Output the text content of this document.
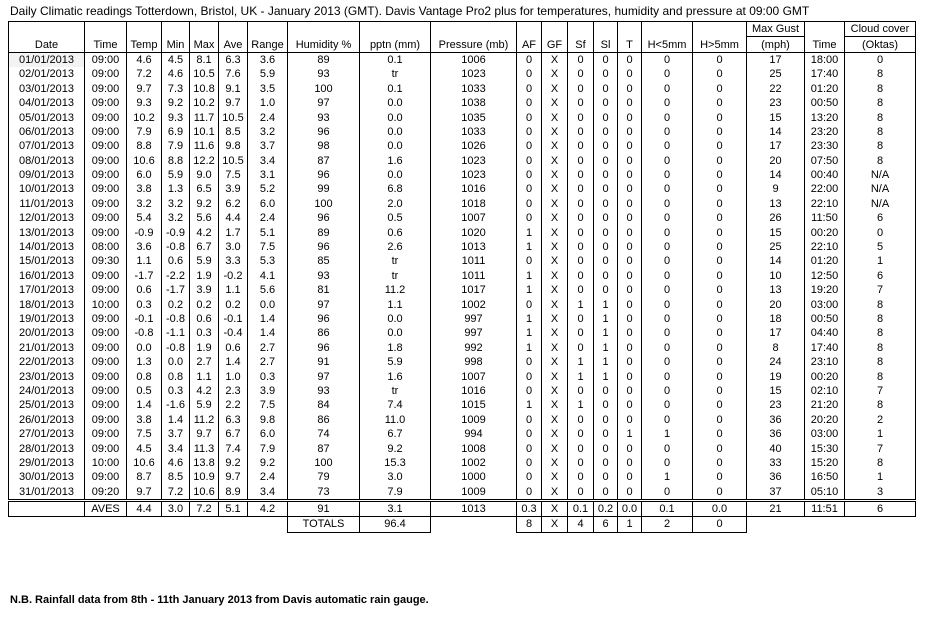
Daily Climatic readings Totterdown, Bristol, UK - January 2013 (GMT). Davis Vantage Pro2 plus for temperatures, humidity and pressure at 09:00 GMT
Date	Time	Temp	Min	Max	Ave	Range	Humidity %	pptn (mm)	Pressure (mb)	AF	GF	Sf	Sl	T	H<5mm	H>5mm	Max Gust	Time	Cloud cover
																	(mph)		(Oktas)
01/01/2013	09:00	4.6	4.5	8.1	6.3	3.6	89	0.1	1006	0	X	0	0	0	0	0	17	18:00	0
02/01/2013	09:00	7.2	4.6	10.5	7.6	5.9	93	tr	1023	0	X	0	0	0	0	0	25	17:40	8
03/01/2013	09:00	9.7	7.3	10.8	9.1	3.5	100	0.1	1033	0	X	0	0	0	0	0	22	01:20	8
04/01/2013	09:00	9.3	9.2	10.2	9.7	1.0	97	0.0	1038	0	X	0	0	0	0	0	23	00:50	8
05/01/2013	09:00	10.2	9.3	11.7	10.5	2.4	93	0.0	1035	0	X	0	0	0	0	0	15	13:20	8
06/01/2013	09:00	7.9	6.9	10.1	8.5	3.2	96	0.0	1033	0	X	0	0	0	0	0	14	23:20	8
07/01/2013	09:00	8.8	7.9	11.6	9.8	3.7	98	0.0	1026	0	X	0	0	0	0	0	17	23:30	8
08/01/2013	09:00	10.6	8.8	12.2	10.5	3.4	87	1.6	1023	0	X	0	0	0	0	0	20	07:50	8
09/01/2013	09:00	6.0	5.9	9.0	7.5	3.1	96	0.0	1023	0	X	0	0	0	0	0	14	00:40	N/A
10/01/2013	09:00	3.8	1.3	6.5	3.9	5.2	99	6.8	1016	0	X	0	0	0	0	0	9	22:00	N/A
11/01/2013	09:00	3.2	3.2	9.2	6.2	6.0	100	2.0	1018	0	X	0	0	0	0	0	13	22:10	N/A
12/01/2013	09:00	5.4	3.2	5.6	4.4	2.4	96	0.5	1007	0	X	0	0	0	0	0	26	11:50	6
13/01/2013	09:00	-0.9	-0.9	4.2	1.7	5.1	89	0.6	1020	1	X	0	0	0	0	0	15	00:20	0
14/01/2013	08:00	3.6	-0.8	6.7	3.0	7.5	96	2.6	1013	1	X	0	0	0	0	0	25	22:10	5
15/01/2013	09:30	1.1	0.6	5.9	3.3	5.3	85	tr	1011	0	X	0	0	0	0	0	14	01:20	1
16/01/2013	09:00	-1.7	-2.2	1.9	-0.2	4.1	93	tr	1011	1	X	0	0	0	0	0	10	12:50	6
17/01/2013	09:00	0.6	-1.7	3.9	1.1	5.6	81	11.2	1017	1	X	0	0	0	0	0	13	19:20	7
18/01/2013	10:00	0.3	0.2	0.2	0.2	0.0	97	1.1	1002	0	X	1	1	0	0	0	20	03:00	8
19/01/2013	09:00	-0.1	-0.8	0.6	-0.1	1.4	96	0.0	997	1	X	0	1	0	0	0	18	00:50	8
20/01/2013	09:00	-0.8	-1.1	0.3	-0.4	1.4	86	0.0	997	1	X	0	1	0	0	0	17	04:40	8
21/01/2013	09:00	0.0	-0.8	1.9	0.6	2.7	96	1.8	992	1	X	0	1	0	0	0	8	17:40	8
22/01/2013	09:00	1.3	0.0	2.7	1.4	2.7	91	5.9	998	0	X	1	1	0	0	0	24	23:10	8
23/01/2013	09:00	0.8	0.8	1.1	1.0	0.3	97	1.6	1007	0	X	1	1	0	0	0	19	00:20	8
24/01/2013	09:00	0.5	0.3	4.2	2.3	3.9	93	tr	1016	0	X	0	0	0	0	0	15	02:10	7
25/01/2013	09:00	1.4	-1.6	5.9	2.2	7.5	84	7.4	1015	1	X	1	0	0	0	0	23	21:20	8
26/01/2013	09:00	3.8	1.4	11.2	6.3	9.8	86	11.0	1009	0	X	0	0	0	0	0	36	20:20	2
27/01/2013	09:00	7.5	3.7	9.7	6.7	6.0	74	6.7	994	0	X	0	0	1	1	0	36	03:00	1
28/01/2013	09:00	4.5	3.4	11.3	7.4	7.9	87	9.2	1008	0	X	0	0	0	0	0	40	15:30	7
29/01/2013	10:00	10.6	4.6	13.8	9.2	9.2	100	15.3	1002	0	X	0	0	0	0	0	33	15:20	8
30/01/2013	09:00	8.7	8.5	10.9	9.7	2.4	79	3.0	1000	0	X	0	0	0	1	0	36	16:50	1
31/01/2013	09:20	9.7	7.2	10.6	8.9	3.4	73	7.9	1009	0	X	0	0	0	0	0	37	05:10	3
	AVES	4.4	3.0	7.2	5.1	4.2	91	3.1	1013	0.3	X	0.1	0.2	0.0	0.1	0.0	21	11:51	6
							TOTALS	96.4		8	X	4	6	1	2	0			
N.B. Rainfall data from 8th - 11th January 2013 from Davis automatic rain gauge.
